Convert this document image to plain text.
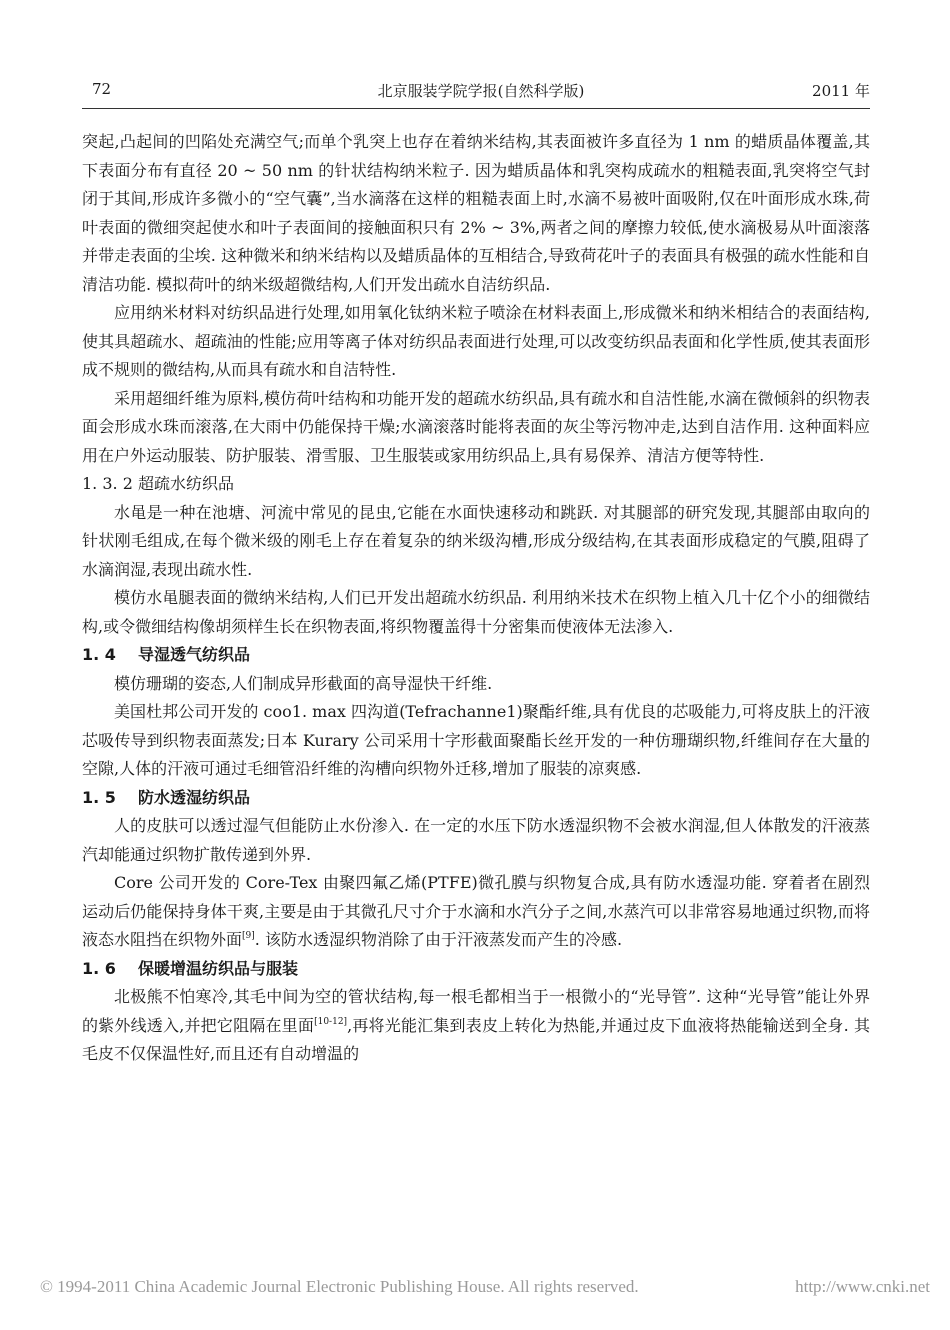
72	北京服装学院学报(自然科学版)	2011 年

突起,凸起间的凹陷处充满空气;而单个乳突上也存在着纳米结构,其表面被许多直径为 1 nm 的蜡质晶体覆盖,其下表面分布有直径 20 ~ 50 nm 的针状结构纳米粒子. 因为蜡质晶体和乳突构成疏水的粗糙表面,乳突将空气封闭于其间,形成许多微小的“空气囊”,当水滴落在这样的粗糙表面上时,水滴不易被叶面吸附,仅在叶面形成水珠,荷叶表面的微细突起使水和叶子表面间的接触面积只有 2% ~ 3%,两者之间的摩擦力较低,使水滴极易从叶面滚落并带走表面的尘埃. 这种微米和纳米结构以及蜡质晶体的互相结合,导致荷花叶子的表面具有极强的疏水性能和自清洁功能. 模拟荷叶的纳米级超微结构,人们开发出疏水自洁纺织品.

应用纳米材料对纺织品进行处理,如用氧化钛纳米粒子喷涂在材料表面上,形成微米和纳米相结合的表面结构,使其具超疏水、超疏油的性能;应用等离子体对纺织品表面进行处理,可以改变纺织品表面和化学性质,使其表面形成不规则的微结构,从而具有疏水和自洁特性.

采用超细纤维为原料,模仿荷叶结构和功能开发的超疏水纺织品,具有疏水和自洁性能,水滴在微倾斜的织物表面会形成水珠而滚落,在大雨中仍能保持干燥;水滴滚落时能将表面的灰尘等污物冲走,达到自洁作用. 这种面料应用在户外运动服装、防护服装、滑雪服、卫生服装或家用纺织品上,具有易保养、清洁方便等特性.

1. 3. 2 超疏水纺织品

水黾是一种在池塘、河流中常见的昆虫,它能在水面快速移动和跳跃. 对其腿部的研究发现,其腿部由取向的针状刚毛组成,在每个微米级的刚毛上存在着复杂的纳米级沟槽,形成分级结构,在其表面形成稳定的气膜,阻碍了水滴润湿,表现出疏水性.

模仿水黾腿表面的微纳米结构,人们已开发出超疏水纺织品. 利用纳米技术在织物上植入几十亿个小的细微结构,或令微细结构像胡须样生长在织物表面,将织物覆盖得十分密集而使液体无法渗入.

1. 4 导湿透气纺织品

模仿珊瑚的姿态,人们制成异形截面的高导湿快干纤维.

美国杜邦公司开发的 coo1. max 四沟道(Tefrachanne1)聚酯纤维,具有优良的芯吸能力,可将皮肤上的汗液芯吸传导到织物表面蒸发;日本 Kurary 公司采用十字形截面聚酯长丝开发的一种仿珊瑚织物,纤维间存在大量的空隙,人体的汗液可通过毛细管沿纤维的沟槽向织物外迁移,增加了服装的凉爽感.

1. 5 防水透湿纺织品

人的皮肤可以透过湿气但能防止水份渗入. 在一定的水压下防水透湿织物不会被水润湿,但人体散发的汗液蒸汽却能通过织物扩散传递到外界.

Core 公司开发的 Core-Tex 由聚四氟乙烯(PTFE)微孔膜与织物复合成,具有防水透湿功能. 穿着者在剧烈运动后仍能保持身体干爽,主要是由于其微孔尺寸介于水滴和水汽分子之间,水蒸汽可以非常容易地通过织物,而将液态水阻挡在织物外面[9]. 该防水透湿织物消除了由于汗液蒸发而产生的冷感.

1. 6 保暖增温纺织品与服装

北极熊不怕寒冷,其毛中间为空的管状结构,每一根毛都相当于一根微小的“光导管”. 这种“光导管”能让外界的紫外线透入,并把它阻隔在里面[10-12],再将光能汇集到表皮上转化为热能,并通过皮下血液将热能输送到全身. 其毛皮不仅保温性好,而且还有自动增温的

© 1994-2011 China Academic Journal Electronic Publishing House. All rights reserved.	http://www.cnki.net
